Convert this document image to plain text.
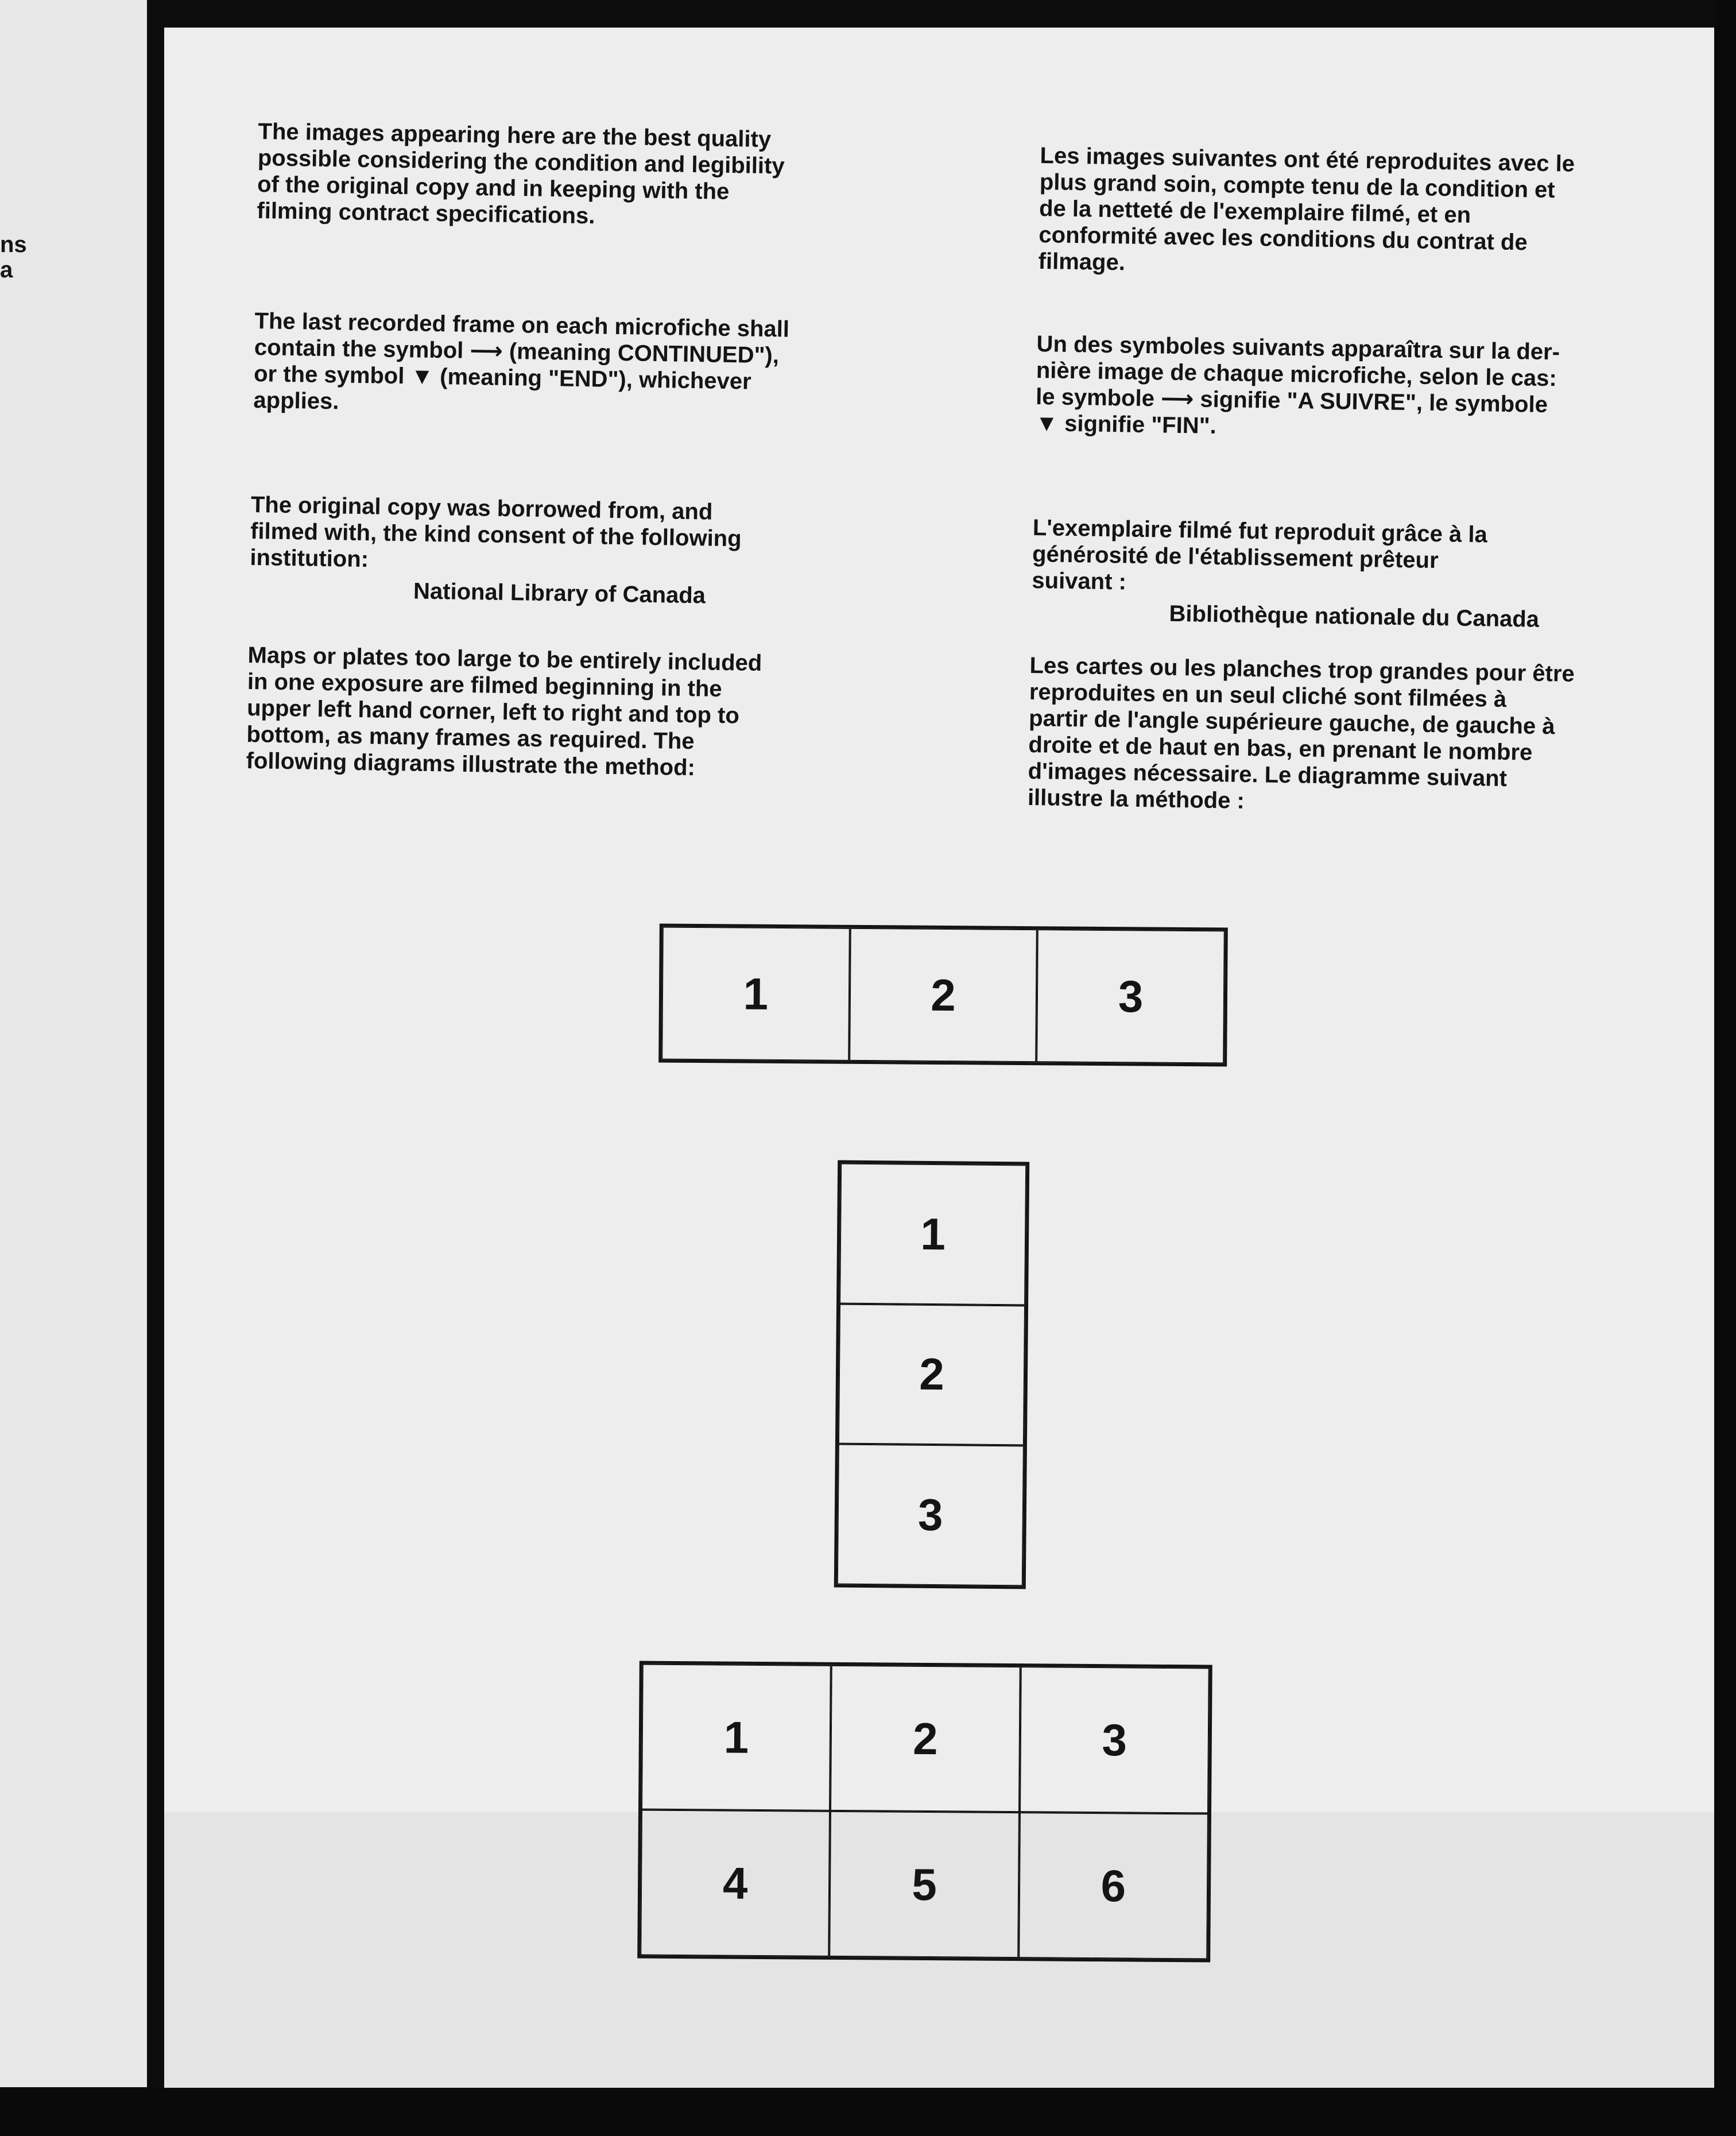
ns
a

The images appearing here are the best quality
possible considering the condition and legibility
of the original copy and in keeping with the
filming contract specifications.

The last recorded frame on each microfiche shall
contain the symbol ⟶ (meaning CONTINUED"),
or the symbol ▼ (meaning "END"), whichever
applies.

The original copy was borrowed from, and
filmed with, the kind consent of the following
institution:

National Library of Canada

Maps or plates too large to be entirely included
in one exposure are filmed beginning in the
upper left hand corner, left to right and top to
bottom, as many frames as required. The
following diagrams illustrate the method:

Les images suivantes ont été reproduites avec le
plus grand soin, compte tenu de la condition et
de la netteté de l'exemplaire filmé, et en
conformité avec les conditions du contrat de
filmage.

Un des symboles suivants apparaîtra sur la der-
nière image de chaque microfiche, selon le cas:
le symbole ⟶ signifie "A SUIVRE", le symbole
▼ signifie "FIN".

L'exemplaire filmé fut reproduit grâce à la
générosité de l'établissement prêteur
suivant :

Bibliothèque nationale du Canada

Les cartes ou les planches trop grandes pour être
reproduites en un seul cliché sont filmées à
partir de l'angle supérieure gauche, de gauche à
droite et de haut en bas, en prenant le nombre
d'images nécessaire. Le diagramme suivant
illustre la méthode :

1	2	3
1
2
3
1	2	3
4	5	6
